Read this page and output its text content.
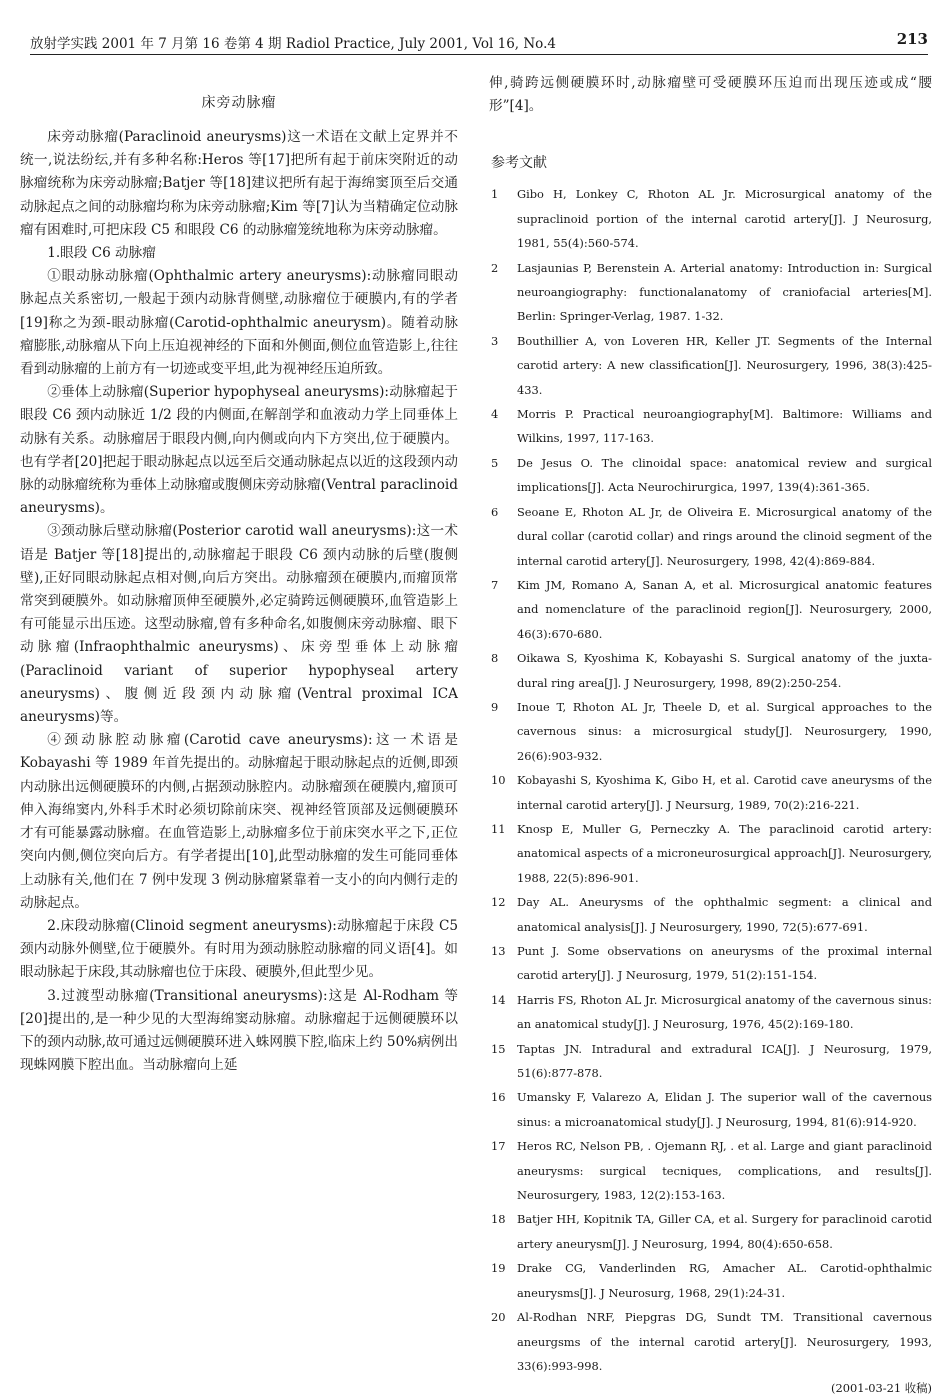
放射学实践 2001 年 7 月第 16 卷第 4 期 Radiol Practice, July 2001, Vol 16, No.4	213
床旁动脉瘤

床旁动脉瘤(Paraclinoid aneurysms)这一术语在文献上定界并不统一,说法纷纭,并有多种名称:Heros 等[17]把所有起于前床突附近的动脉瘤统称为床旁动脉瘤;Batjer 等[18]建议把所有起于海绵窦顶至后交通动脉起点之间的动脉瘤均称为床旁动脉瘤;Kim 等[7]认为当精确定位动脉瘤有困难时,可把床段 C5 和眼段 C6 的动脉瘤笼统地称为床旁动脉瘤。

1.眼段 C6 动脉瘤

①眼动脉动脉瘤(Ophthalmic artery aneurysms):动脉瘤同眼动脉起点关系密切,一般起于颈内动脉背侧壁,动脉瘤位于硬膜内,有的学者[19]称之为颈-眼动脉瘤(Carotid-ophthalmic aneurysm)。随着动脉瘤膨胀,动脉瘤从下向上压迫视神经的下面和外侧面,侧位血管造影上,往往看到动脉瘤的上前方有一切迹或变平坦,此为视神经压迫所致。

②垂体上动脉瘤(Superior hypophyseal aneurysms):动脉瘤起于眼段 C6 颈内动脉近 1/2 段的内侧面,在解剖学和血液动力学上同垂体上动脉有关系。动脉瘤居于眼段内侧,向内侧或向内下方突出,位于硬膜内。也有学者[20]把起于眼动脉起点以远至后交通动脉起点以近的这段颈内动脉的动脉瘤统称为垂体上动脉瘤或腹侧床旁动脉瘤(Ventral paraclinoid aneurysms)。

③颈动脉后壁动脉瘤(Posterior carotid wall aneurysms):这一术语是 Batjer 等[18]提出的,动脉瘤起于眼段 C6 颈内动脉的后壁(腹侧壁),正好同眼动脉起点相对侧,向后方突出。动脉瘤颈在硬膜内,而瘤顶常常突到硬膜外。如动脉瘤顶伸至硬膜外,必定骑跨远侧硬膜环,血管造影上有可能显示出压迹。这型动脉瘤,曾有多种命名,如腹侧床旁动脉瘤、眼下动脉瘤(Infraophthalmic aneurysms)、床旁型垂体上动脉瘤(Paraclinoid variant of superior hypophyseal artery aneurysms)、腹侧近段颈内动脉瘤(Ventral proximal ICA aneurysms)等。

④颈动脉腔动脉瘤(Carotid cave aneurysms):这一术语是 Kobayashi 等 1989 年首先提出的。动脉瘤起于眼动脉起点的近侧,即颈内动脉出远侧硬膜环的内侧,占据颈动脉腔内。动脉瘤颈在硬膜内,瘤顶可伸入海绵窦内,外科手术时必须切除前床突、视神经管顶部及远侧硬膜环才有可能暴露动脉瘤。在血管造影上,动脉瘤多位于前床突水平之下,正位突向内侧,侧位突向后方。有学者提出[10],此型动脉瘤的发生可能同垂体上动脉有关,他们在 7 例中发现 3 例动脉瘤紧靠着一支小的向内侧行走的动脉起点。

2.床段动脉瘤(Clinoid segment aneurysms):动脉瘤起于床段 C5 颈内动脉外侧壁,位于硬膜外。有时用为颈动脉腔动脉瘤的同义语[4]。如眼动脉起于床段,其动脉瘤也位于床段、硬膜外,但此型少见。

3.过渡型动脉瘤(Transitional aneurysms):这是 Al-Rodham 等[20]提出的,是一种少见的大型海绵窦动脉瘤。动脉瘤起于远侧硬膜环以下的颈内动脉,故可通过远侧硬膜环进入蛛网膜下腔,临床上约 50%病例出现蛛网膜下腔出血。当动脉瘤向上延

伸,骑跨远侧硬膜环时,动脉瘤壁可受硬膜环压迫而出现压迹或成“腰形”[4]。

参考文献
1	Gibo H, Lonkey C, Rhoton AL Jr. Microsurgical anatomy of the supraclinoid portion of the internal carotid artery[J]. J Neurosurg, 1981, 55(4):560-574.
2	Lasjaunias P, Berenstein A. Arterial anatomy: Introduction in: Surgical neuroangiography: functionalanatomy of craniofacial arteries[M]. Berlin: Springer-Verlag, 1987. 1-32.
3	Bouthillier A, von Loveren HR, Keller JT. Segments of the Internal carotid artery: A new classification[J]. Neurosurgery, 1996, 38(3):425-433.
4	Morris P. Practical neuroangiography[M]. Baltimore: Williams and Wilkins, 1997, 117-163.
5	De Jesus O. The clinoidal space: anatomical review and surgical implications[J]. Acta Neurochirurgica, 1997, 139(4):361-365.
6	Seoane E, Rhoton AL Jr, de Oliveira E. Microsurgical anatomy of the dural collar (carotid collar) and rings around the clinoid segment of the internal carotid artery[J]. Neurosurgery, 1998, 42(4):869-884.
7	Kim JM, Romano A, Sanan A, et al. Microsurgical anatomic features and nomenclature of the paraclinoid region[J]. Neurosurgery, 2000, 46(3):670-680.
8	Oikawa S, Kyoshima K, Kobayashi S. Surgical anatomy of the juxta-dural ring area[J]. J Neurosurgery, 1998, 89(2):250-254.
9	Inoue T, Rhoton AL Jr, Theele D, et al. Surgical approaches to the cavernous sinus: a microsurgical study[J]. Neurosurgery, 1990, 26(6):903-932.
10	Kobayashi S, Kyoshima K, Gibo H, et al. Carotid cave aneurysms of the internal carotid artery[J]. J Neursurg, 1989, 70(2):216-221.
11	Knosp E, Muller G, Perneczky A. The paraclinoid carotid artery: anatomical aspects of a microneurosurgical approach[J]. Neurosurgery, 1988, 22(5):896-901.
12	Day AL. Aneurysms of the ophthalmic segment: a clinical and anatomical analysis[J]. J Neurosurgery, 1990, 72(5):677-691.
13	Punt J. Some observations on aneurysms of the proximal internal carotid artery[J]. J Neurosurg, 1979, 51(2):151-154.
14	Harris FS, Rhoton AL Jr. Microsurgical anatomy of the cavernous sinus: an anatomical study[J]. J Neurosurg, 1976, 45(2):169-180.
15	Taptas JN. Intradural and extradural ICA[J]. J Neurosurg, 1979, 51(6):877-878.
16	Umansky F, Valarezo A, Elidan J. The superior wall of the cavernous sinus: a microanatomical study[J]. J Neurosurg, 1994, 81(6):914-920.
17	Heros RC, Nelson PB, . Ojemann RJ, . et al. Large and giant paraclinoid aneurysms: surgical tecniques, complications, and results[J]. Neurosurgery, 1983, 12(2):153-163.
18	Batjer HH, Kopitnik TA, Giller CA, et al. Surgery for paraclinoid carotid artery aneurysm[J]. J Neurosurg, 1994, 80(4):650-658.
19	Drake CG, Vanderlinden RG, Amacher AL. Carotid-ophthalmic aneurysms[J]. J Neurosurg, 1968, 29(1):24-31.
20	Al-Rodhan NRF, Piepgras DG, Sundt TM. Transitional cavernous aneurgsms of the internal carotid artery[J]. Neurosurgery, 1993, 33(6):993-998.
(2001-03-21 收稿)
